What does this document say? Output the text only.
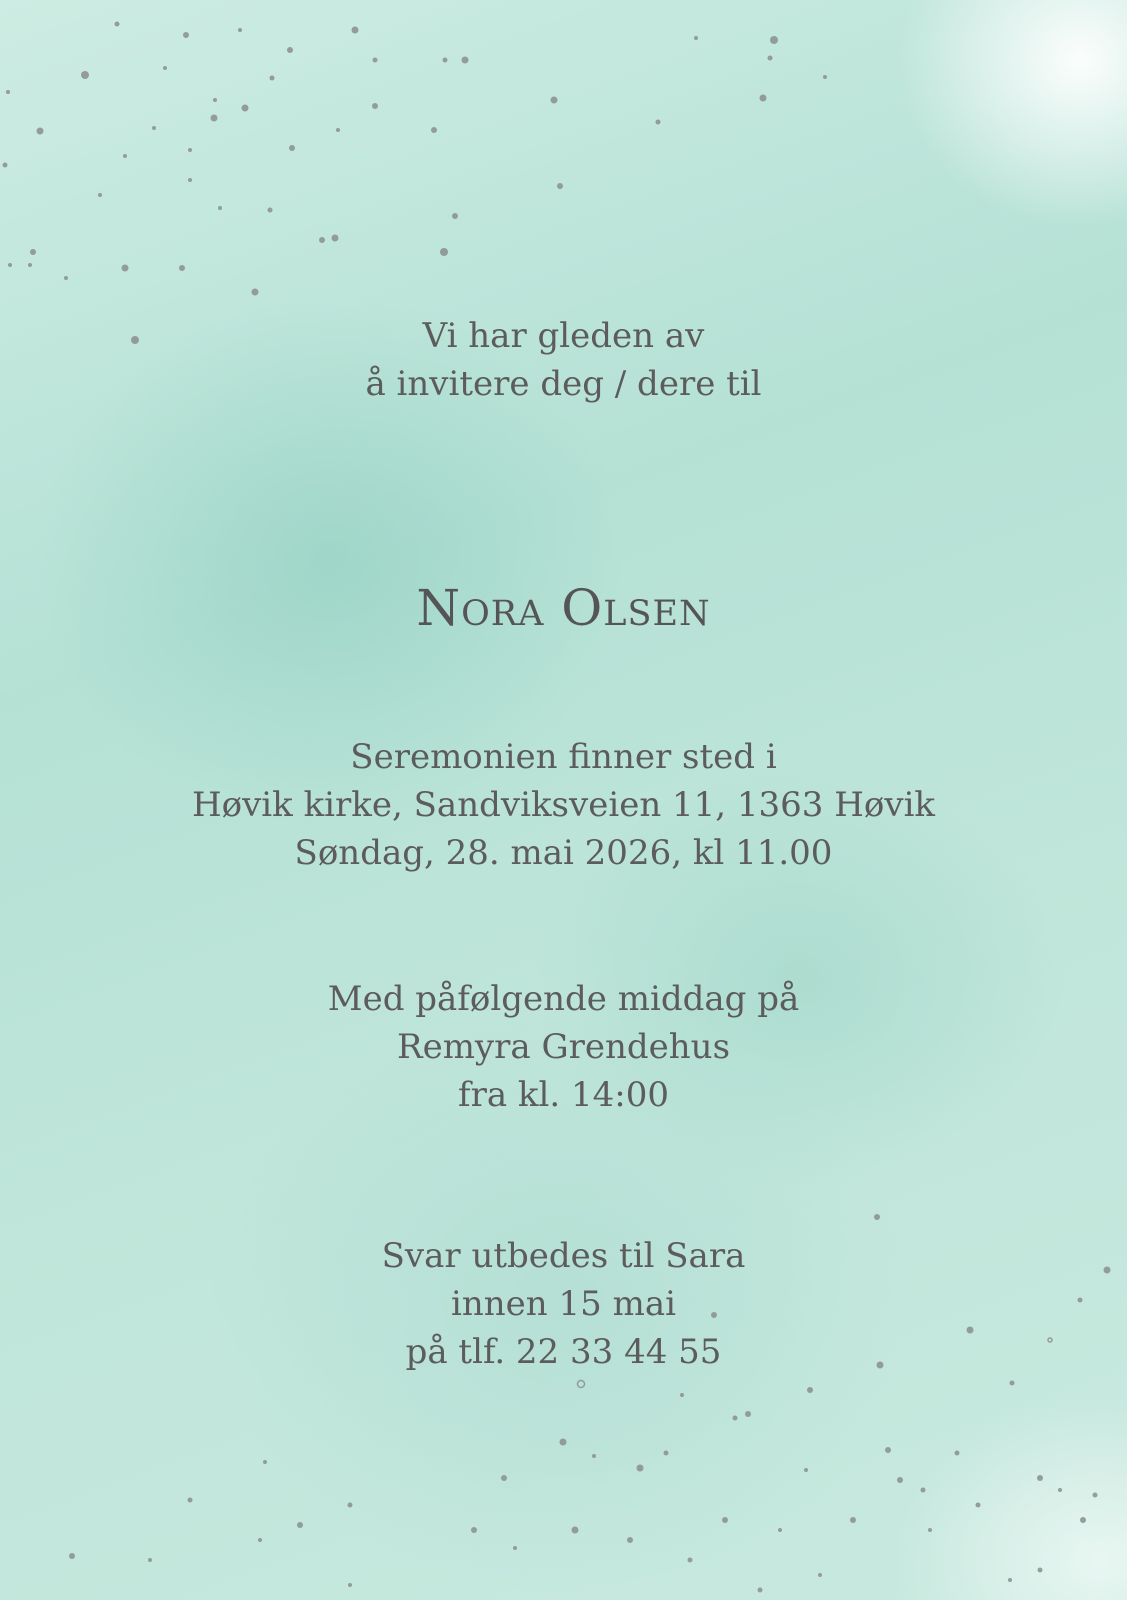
Vi har gleden av
å invitere deg / dere til
Nora Olsen
Seremonien finner sted i
Høvik kirke, Sandviksveien 11, 1363 Høvik
Søndag, 28. mai 2026, kl 11.00
Med påfølgende middag på
Remyra Grendehus
fra kl. 14:00
Svar utbedes til Sara
innen 15 mai
på tlf. 22 33 44 55
